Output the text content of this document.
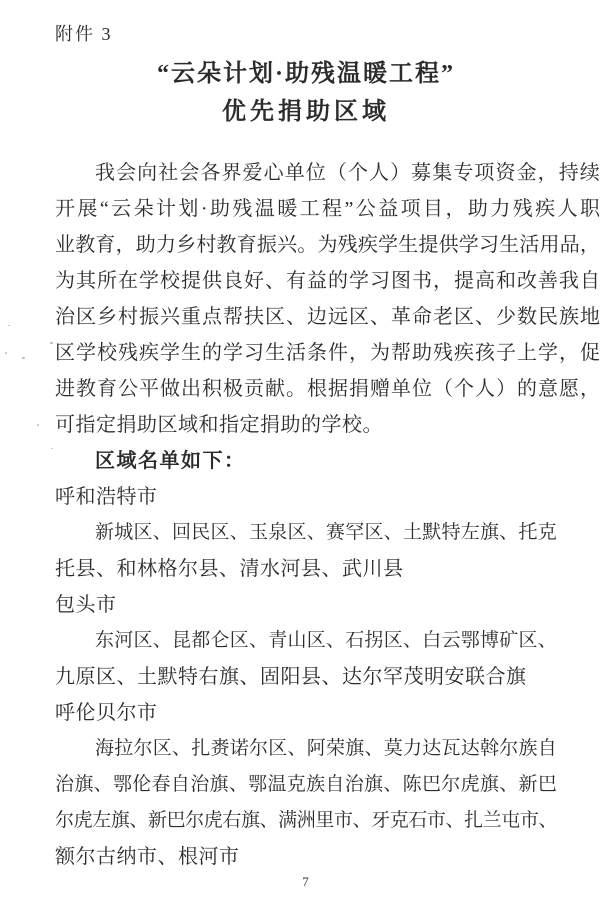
附件 3
“云朵计划·助残温暖工程”
优先捐助区域
我 会 向 社 会 各 界 爱 心 单 位 （ 个 人 ） 募 集 专 项 资 金 ， 持 续
开 展 “ 云 朵 计 划 · 助 残 温 暖 工 程 ” 公 益 项 目 ， 助 力 残 疾 人 职
业 教 育 ， 助 力 乡 村 教 育 振 兴 。 为 残 疾 学 生 提 供 学 习 生 活 用 品 ，
为 其 所 在 学 校 提 供 良 好 、 有 益 的 学 习 图 书 ， 提 高 和 改 善 我 自
治 区 乡 村 振 兴 重 点 帮 扶 区 、 边 远 区 、 革 命 老 区 、 少 数 民 族 地
区 学 校 残 疾 学 生 的 学 习 生 活 条 件 ， 为 帮 助 残 疾 孩 子 上 学 ， 促
进 教 育 公 平 做 出 积 极 贡 献 。 根 据 捐 赠 单 位 （ 个 人 ） 的 意 愿 ，
可指定捐助区域和指定捐助的学校。
区域名单如下：
呼和浩特市
新 城 区 、 回 民 区 、 玉 泉 区 、 赛 罕 区 、 土 默 特 左 旗 、 托 克
托县、和林格尔县、清水河县、武川县
包头市
东 河 区 、 昆 都 仑 区 、 青 山 区 、 石 拐 区 、 白 云 鄂 博 矿 区 、
九原区、土默特右旗、固阳县、达尔罕茂明安联合旗
呼伦贝尔市
海 拉 尔 区 、 扎 赉 诺 尔 区 、 阿 荣 旗 、 莫 力 达 瓦 达 斡 尔 族 自
治 旗 、 鄂 伦 春 自 治 旗 、 鄂 温 克 族 自 治 旗 、 陈 巴 尔 虎 旗 、 新 巴
尔 虎 左 旗 、 新 巴 尔 虎 右 旗 、 满 洲 里 市 、 牙 克 石 市 、 扎 兰 屯 市 、
额尔古纳市、根河市
7
